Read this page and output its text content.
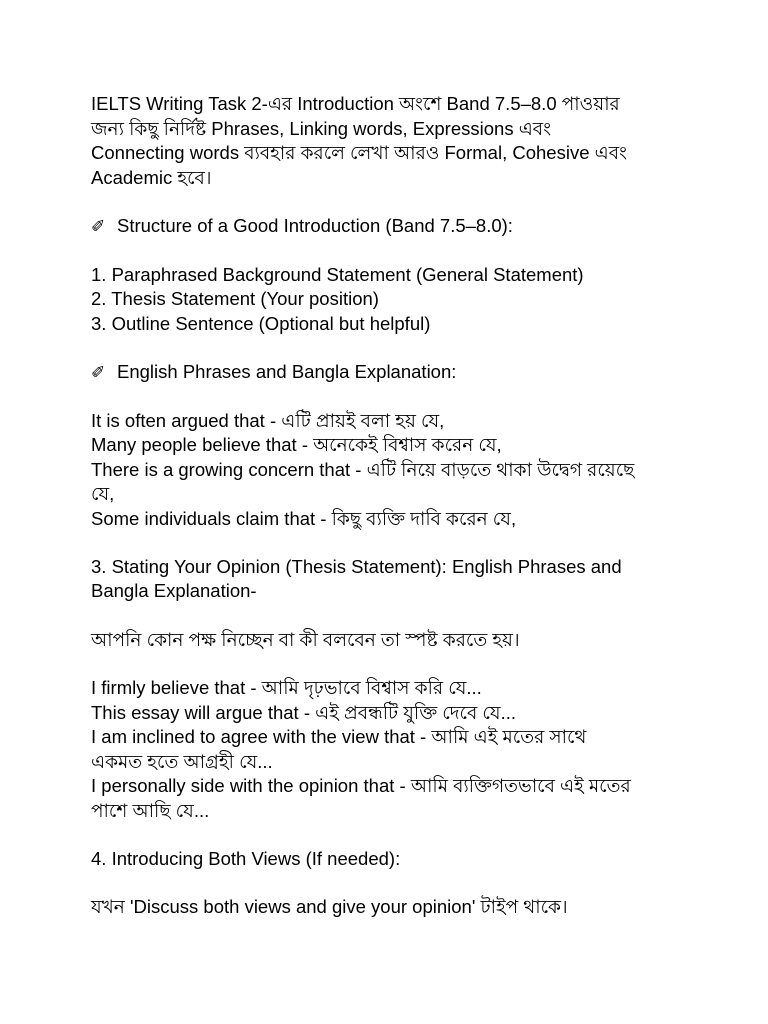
IELTS Writing Task 2-এর Introduction অংশে Band 7.5–8.0 পাওয়ার
জন্য কিছু নির্দিষ্ট Phrases, Linking words, Expressions এবং
Connecting words ব্যবহার করলে লেখা আরও Formal, Cohesive এবং
Academic হবে।
✐ Structure of a Good Introduction (Band 7.5–8.0):
1. Paraphrased Background Statement (General Statement)
2. Thesis Statement (Your position)
3. Outline Sentence (Optional but helpful)
✐ English Phrases and Bangla Explanation:
It is often argued that - এটি প্রায়ই বলা হয় যে,
Many people believe that - অনেকেই বিশ্বাস করেন যে,
There is a growing concern that - এটি নিয়ে বাড়তে থাকা উদ্বেগ রয়েছে
যে,
Some individuals claim that - কিছু ব্যক্তি দাবি করেন যে,
3. Stating Your Opinion (Thesis Statement): English Phrases and
Bangla Explanation-
আপনি কোন পক্ষ নিচ্ছেন বা কী বলবেন তা স্পষ্ট করতে হয়।
I firmly believe that - আমি দৃঢ়ভাবে বিশ্বাস করি যে...
This essay will argue that - এই প্রবন্ধটি যুক্তি দেবে যে...
I am inclined to agree with the view that - আমি এই মতের সাথে
একমত হতে আগ্রহী যে...
I personally side with the opinion that - আমি ব্যক্তিগতভাবে এই মতের
পাশে আছি যে...
4. Introducing Both Views (If needed):
যখন 'Discuss both views and give your opinion' টাইপ থাকে।
